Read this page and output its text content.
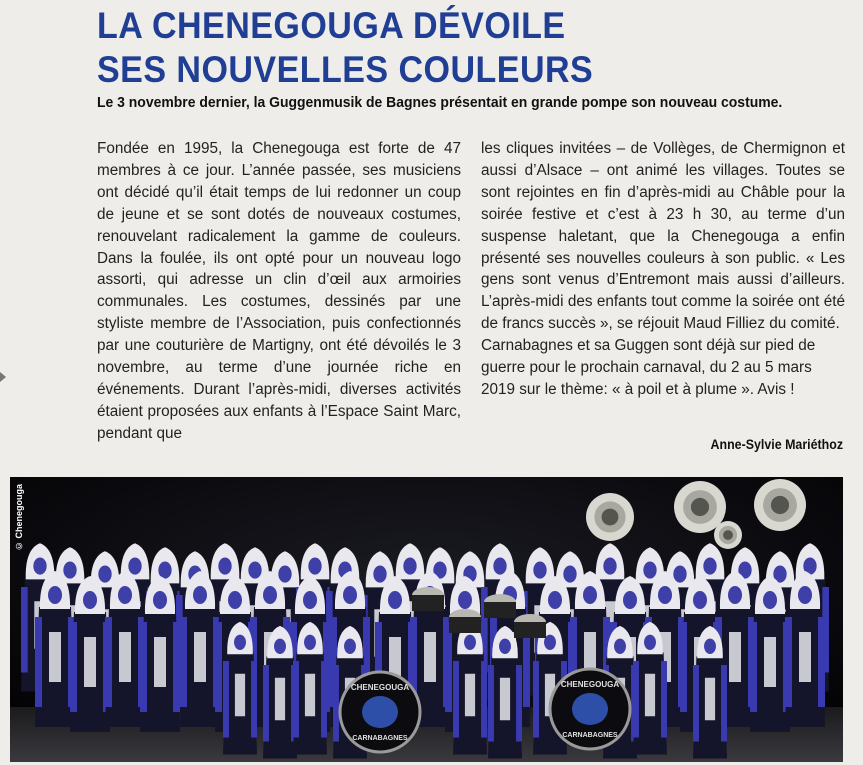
LA CHENEGOUGA DÉVOILE
SES NOUVELLES COULEURS

Le 3 novembre dernier, la Guggenmusik de Bagnes présentait en grande pompe son nouveau costume.

Fondée en 1995, la Chenegouga est forte de 47 membres à ce jour. L’année passée, ses musiciens ont décidé qu’il était temps de lui redonner un coup de jeune et se sont dotés de nouveaux costumes, renouvelant radicalement la gamme de couleurs. Dans la foulée, ils ont opté pour un nouveau logo assorti, qui adresse un clin d’œil aux armoiries communales. Les costumes, dessinés par une styliste membre de l’Association, puis confectionnés par une couturière de Martigny, ont été dévoilés le 3 novembre, au terme d’une journée riche en événements. Durant l’après-midi, diverses activités étaient proposées aux enfants à l’Espace Saint Marc, pendant que

les cliques invitées – de Vollèges, de Chermignon et aussi d’Alsace – ont animé les villages. Toutes se sont rejointes en fin d’après-midi au Châble pour la soirée festive et c’est à 23 h 30, au terme d’un suspense haletant, que la Chenegouga a enfin présenté ses nouvelles couleurs à son public. « Les gens sont venus d’Entremont mais aussi d’ailleurs. L’après-midi des enfants tout comme la soirée ont été de francs succès », se réjouit Maud Filliez du comité.

Carnabagnes et sa Guggen sont déjà sur pied de guerre pour le prochain carnaval, du 2 au 5 mars 2019 sur le thème: « à poil et à plume ». Avis !

Anne-Sylvie Mariéthoz
CHENEGOUGA
CARNABAGNES
CHENEGOUGA
CARNABAGNES
© Chenegouga
